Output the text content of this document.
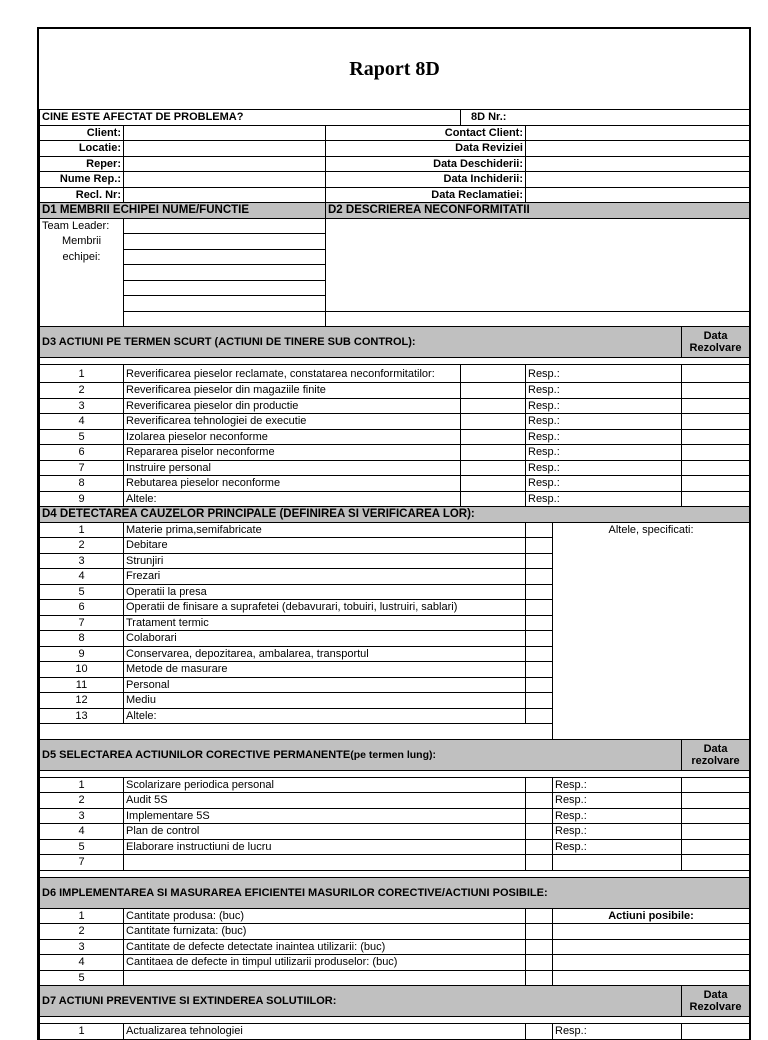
Raport 8D						
CINE ESTE AFECTAT DE PROBLEMA?			8D Nr.:			
Client:		Contact Client:				
Locatie:		Data Reviziei				
Reper:		Data Deschiderii:				
Nume Rep.:		Data Inchiderii:				
Recl. Nr:		Data Reclamatiei:				
D1 MEMBRII ECHIPEI NUME/FUNCTIE		D2 DESCRIEREA NECONFORMITATII				
Team Leader:						
Membrii						
echipei:						

D3 ACTIUNI PE TERMEN SCURT (ACTIUNI DE TINERE SUB CONTROL):						Data Rezolvare

1	Reverificarea pieselor reclamate, constatarea neconformitatilor:			Resp.:		
2	Reverificarea pieselor din magaziile finite			Resp.:		
3	Reverificarea pieselor din productie			Resp.:		
4	Reverificarea tehnologiei de executie			Resp.:		
5	Izolarea pieselor neconforme			Resp.:		
6	Repararea piselor neconforme			Resp.:		
7	Instruire personal			Resp.:		
8	Rebutarea pieselor neconforme			Resp.:		
9	Altele:			Resp.:		
D4 DETECTAREA CAUZELOR PRINCIPALE (DEFINIREA SI VERIFICAREA LOR):						
1	Materie prima,semifabricate				Altele, specificati:	
2	Debitare					
3	Strunjiri					
4	Frezari					
5	Operatii la presa					
6	Operatii de finisare a suprafetei (debavurari, tobuiri, lustruiri, sablari)					
7	Tratament termic					
8	Colaborari					
9	Conservarea, depozitarea, ambalarea, transportul					
10	Metode de masurare					
11	Personal					
12	Mediu					
13	Altele:					

D5 SELECTAREA ACTIUNILOR CORECTIVE PERMANENTE(pe termen lung):						Data rezolvare

1	Scolarizare periodica personal				Resp.:	
2	Audit 5S				Resp.:	
3	Implementare 5S				Resp.:	
4	Plan de control				Resp.:	
5	Elaborare instructiuni de lucru				Resp.:	
7						

D6 IMPLEMENTAREA SI MASURAREA EFICIENTEI MASURILOR CORECTIVE/ACTIUNI POSIBILE:						
1	Cantitate produsa: (buc)				Actiuni posibile:	
2	Cantitate furnizata: (buc)					
3	Cantitate de defecte detectate inaintea utilizarii: (buc)					
4	Cantitaea de defecte in timpul utilizarii produselor: (buc)					
5						
D7 ACTIUNI PREVENTIVE SI EXTINDEREA SOLUTIILOR:						Data Rezolvare

1	Actualizarea tehnologiei				Resp.:	
